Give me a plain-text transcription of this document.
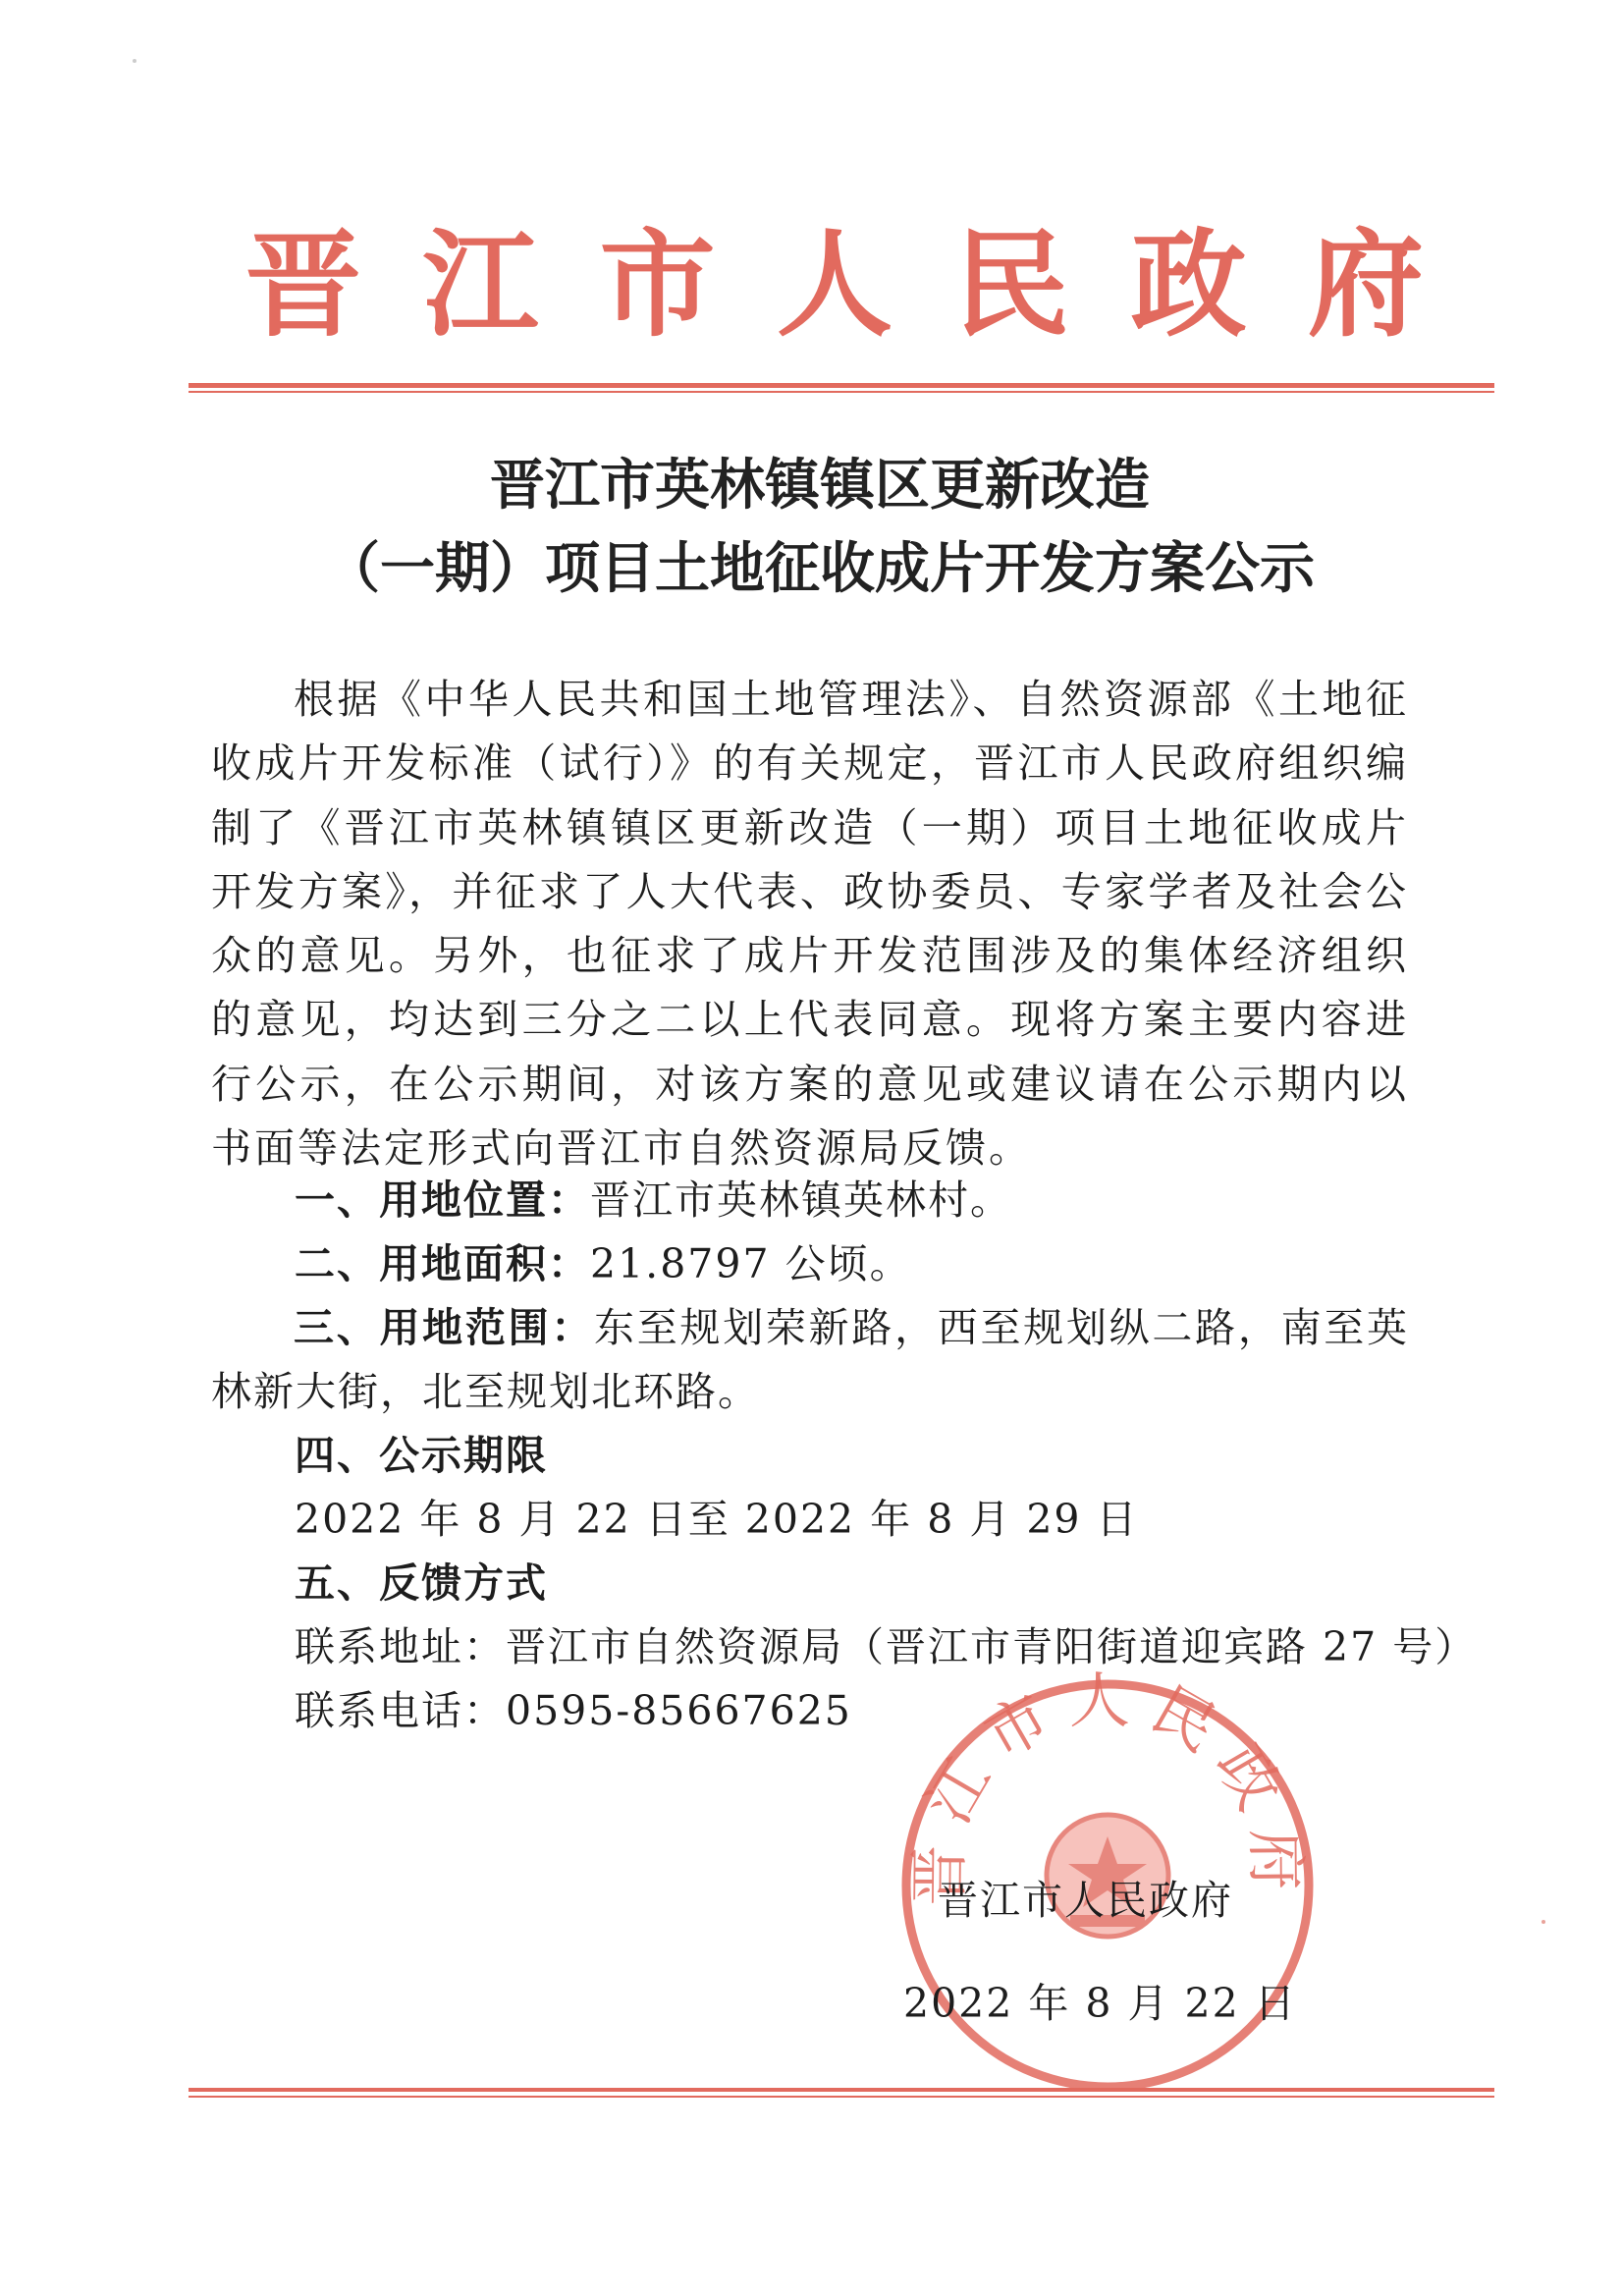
晋 江 市 人 民 政 府
晋江市英林镇镇区更新改造
（一期）项目土地征收成片开发方案公示

根据《中华人民共和国土地管理法》、自然资源部《土地征收成片开发标准（试行）》的有关规定，晋江市人民政府组织编制了《晋江市英林镇镇区更新改造（一期）项目土地征收成片开发方案》，并征求了人大代表、政协委员、专家学者及社会公众的意见。另外，也征求了成片开发范围涉及的集体经济组织的意见，均达到三分之二以上代表同意。现将方案主要内容进行公示，在公示期间，对该方案的意见或建议请在公示期内以书面等法定形式向晋江市自然资源局反馈。

一、用地位置：晋江市英林镇英林村。
二、用地面积：21.8797 公顷。

三、用地范围：东至规划荣新路，西至规划纵二路，南至英林新大街，北至规划北环路。

四、公示期限
2022 年 8 月 22 日至 2022 年 8 月 29 日
五、反馈方式
联系地址：晋江市自然资源局（晋江市青阳街道迎宾路 27 号）
联系电话：0595-85667625
晋江市人民政府
晋江市人民政府
2022 年 8 月 22 日
